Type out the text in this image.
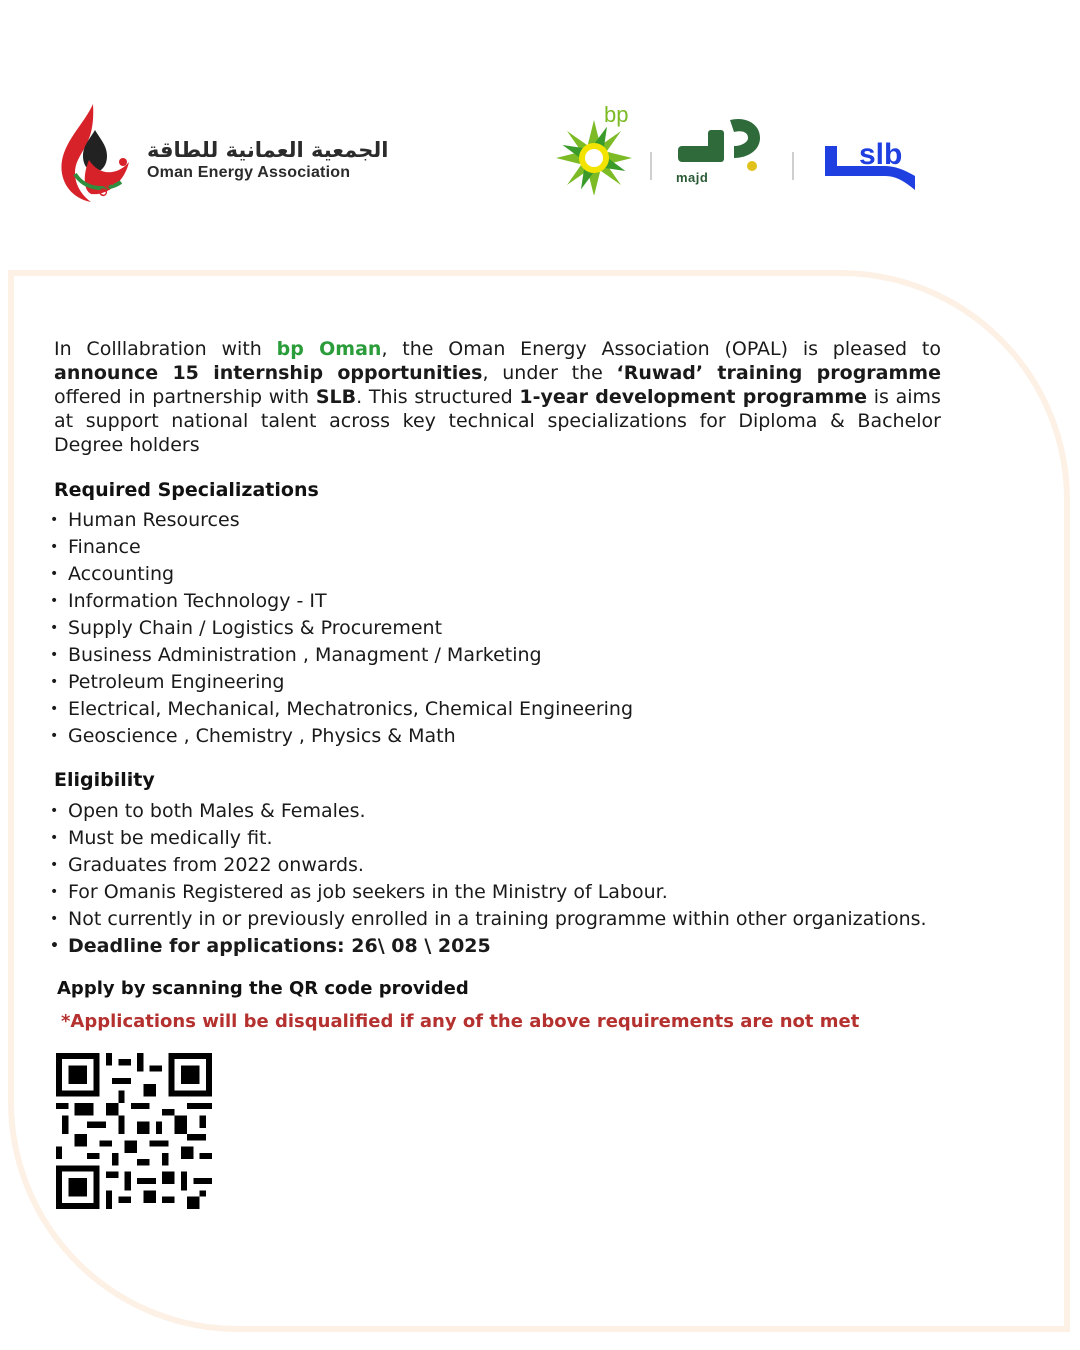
OPAL
الجمعية العمانية للطاقة
Oman Energy Association
bp
majd
slb
In Colllabration with bp Oman, the Oman Energy Association (OPAL) is pleased to announce 15 internship opportunities, under the ‘Ruwad’ training programme offered in partnership with SLB. This structured 1-year development programme is aims at support national talent across key technical specializations for Diploma & Bachelor Degree holders
Required Specializations
• Human Resources
• Finance
• Accounting
• Information Technology - IT
• Supply Chain / Logistics & Procurement
• Business Administration , Managment / Marketing
• Petroleum Engineering
• Electrical, Mechanical, Mechatronics, Chemical Engineering
• Geoscience , Chemistry , Physics & Math
Eligibility
• Open to both Males & Females.
• Must be medically fit.
• Graduates from 2022 onwards.
• For Omanis Registered as job seekers in the Ministry of Labour.
• Not currently in or previously enrolled in a training programme within other organizations.
• Deadline for applications: 26\ 08 \ 2025
Apply by scanning the QR code provided
*Applications will be disqualified if any of the above requirements are not met
